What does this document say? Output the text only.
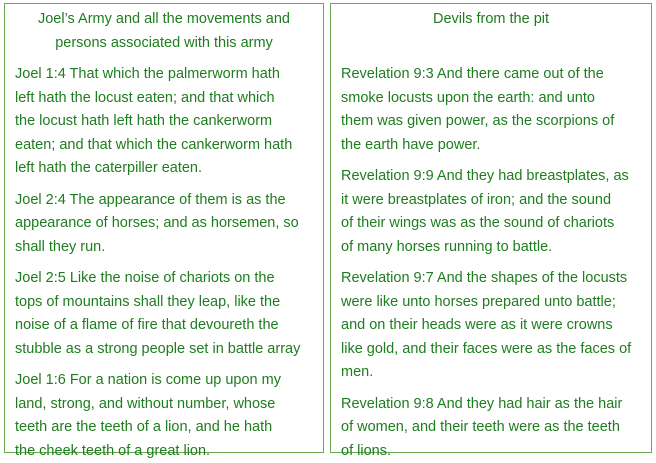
Joel’s Army and all the movements and
persons associated with this army
Joel 1:4 That which the palmerworm hath
left hath the locust eaten; and that which
the locust hath left hath the cankerworm
eaten; and that which the cankerworm hath
left hath the caterpiller eaten.
Joel 2:4 The appearance of them is as the
appearance of horses; and as horsemen, so
shall they run.
Joel 2:5 Like the noise of chariots on the
tops of mountains shall they leap, like the
noise of a flame of fire that devoureth the
stubble as a strong people set in battle array
Joel 1:6 For a nation is come up upon my
land, strong, and without number, whose
teeth are the teeth of a lion, and he hath
the cheek teeth of a great lion.
Devils from the pit
Revelation 9:3 And there came out of the
smoke locusts upon the earth: and unto
them was given power, as the scorpions of
the earth have power.
Revelation 9:9 And they had breastplates, as
it were breastplates of iron; and the sound
of their wings was as the sound of chariots
of many horses running to battle.
Revelation 9:7 And the shapes of the locusts
were like unto horses prepared unto battle;
and on their heads were as it were crowns
like gold, and their faces were as the faces of
men.
Revelation 9:8 And they had hair as the hair
of women, and their teeth were as the teeth
of lions.
